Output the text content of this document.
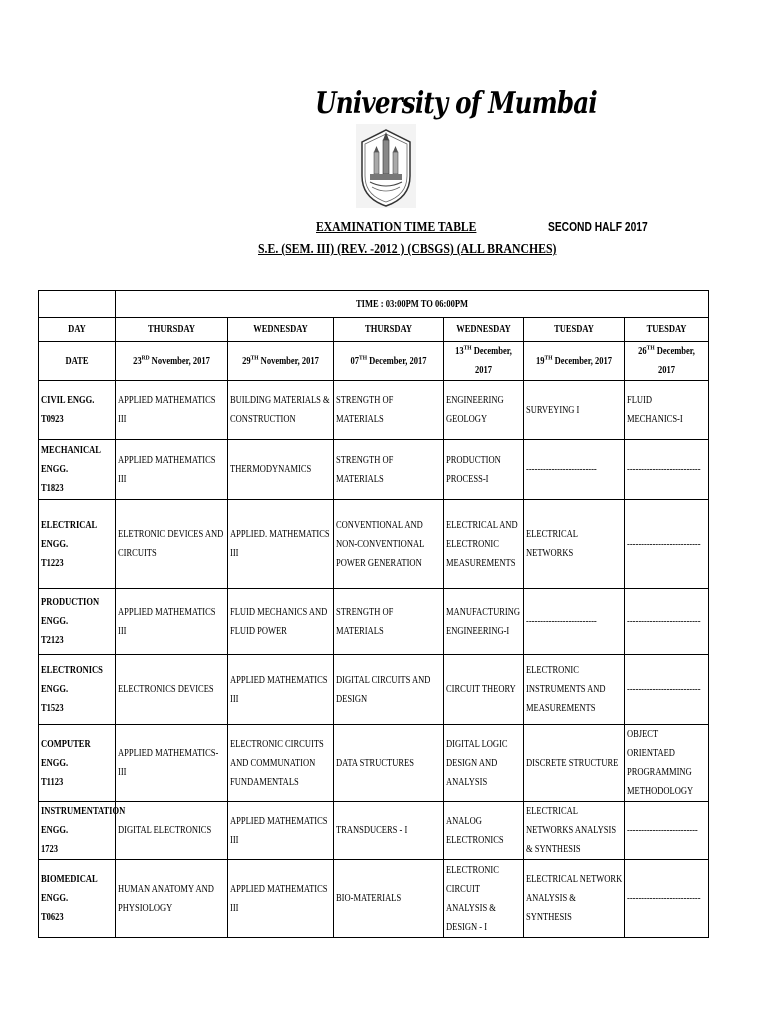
University of Mumbai
EXAMINATION TIME TABLE	SECOND HALF 2017
S.E. (SEM. III) (REV. -2012 ) (CBSGS) (ALL BRANCHES)

	TIME : 03:00PM TO 06:00PM					

DAY	THURSDAY	WEDNESDAY	THURSDAY	WEDNESDAY	TUESDAY	TUESDAY

DATE	23RD November, 2017	29TH November, 2017	07TH December, 2017	13TH December, 2017	19TH December, 2017	26TH December, 2017

CIVIL ENGG.
T0923	APPLIED MATHEMATICS III	BUILDING MATERIALS & CONSTRUCTION	STRENGTH OF MATERIALS	ENGINEERING GEOLOGY	SURVEYING I	FLUID MECHANICS-I

MECHANICAL ENGG.
T1823	APPLIED MATHEMATICS III	THERMODYNAMICS	STRENGTH OF MATERIALS	PRODUCTION PROCESS-I	-------------------------	--------------------------

ELECTRICAL ENGG.
T1223	ELETRONIC DEVICES AND CIRCUITS	APPLIED. MATHEMATICS III	CONVENTIONAL AND NON-CONVENTIONAL POWER GENERATION	ELECTRICAL AND ELECTRONIC MEASUREMENTS	ELECTRICAL NETWORKS	--------------------------

PRODUCTION ENGG.
T2123	APPLIED MATHEMATICS III	FLUID MECHANICS AND FLUID POWER	STRENGTH OF MATERIALS	MANUFACTURING ENGINEERING-I	-------------------------	--------------------------

ELECTRONICS ENGG.
T1523	ELECTRONICS DEVICES	APPLIED MATHEMATICS III	DIGITAL CIRCUITS AND DESIGN	CIRCUIT THEORY	ELECTRONIC INSTRUMENTS AND MEASUREMENTS	--------------------------

COMPUTER ENGG.
T1123	APPLIED MATHEMATICS-III	ELECTRONIC CIRCUITS AND COMMUNATION FUNDAMENTALS	DATA STRUCTURES	DIGITAL LOGIC DESIGN AND ANALYSIS	DISCRETE STRUCTURE	OBJECT ORIENTAED PROGRAMMING METHODOLOGY

INSTRUMENTATION ENGG.
1723	DIGITAL ELECTRONICS	APPLIED MATHEMATICS III	TRANSDUCERS - I	ANALOG ELECTRONICS	ELECTRICAL NETWORKS ANALYSIS & SYNTHESIS	-------------------------

BIOMEDICAL ENGG.
T0623	HUMAN ANATOMY AND PHYSIOLOGY	APPLIED MATHEMATICS III	BIO-MATERIALS	ELECTRONIC CIRCUIT ANALYSIS & DESIGN - I	ELECTRICAL NETWORK ANALYSIS & SYNTHESIS	--------------------------
